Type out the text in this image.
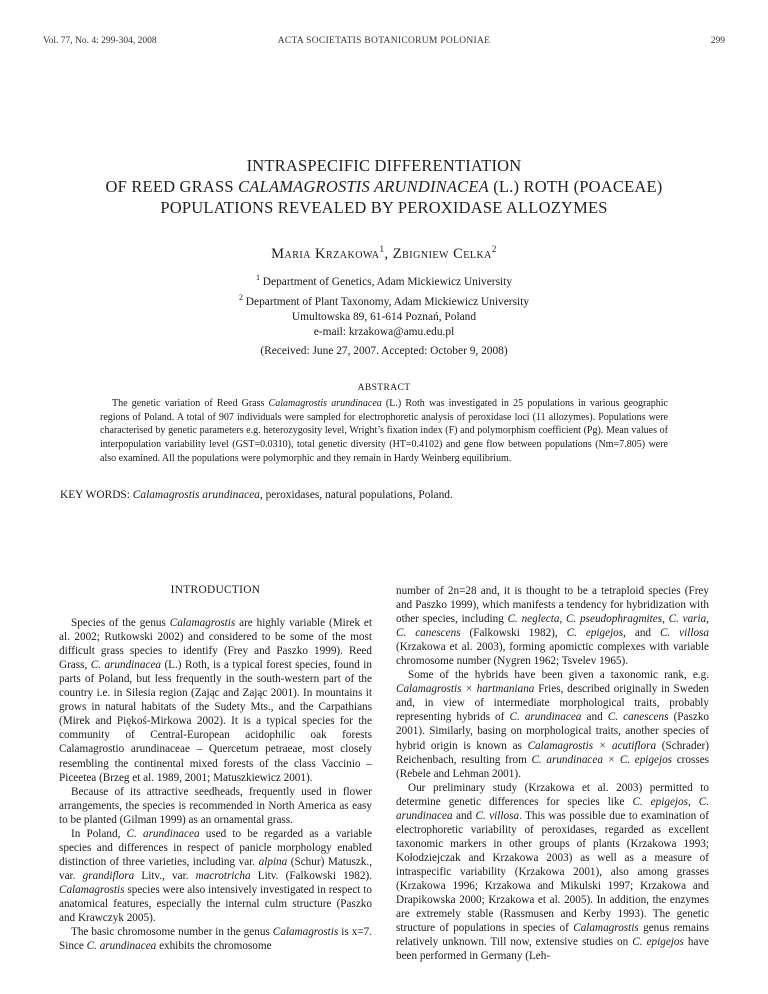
Vol. 77, No. 4: 299-304, 2008	ACTA SOCIETATIS BOTANICORUM POLONIAE	299
INTRASPECIFIC DIFFERENTIATION
OF REED GRASS CALAMAGROSTIS ARUNDINACEA (L.) ROTH (POACEAE)
POPULATIONS REVEALED BY PEROXIDASE ALLOZYMES
Maria Krzakowa$^1$, Zbigniew Celka$^2$
$^1$ Department of Genetics, Adam Mickiewicz University
$^2$ Department of Plant Taxonomy, Adam Mickiewicz University
Umultowska 89, 61-614 Poznań, Poland
e-mail: krzakowa@amu.edu.pl
(Received: June 27, 2007. Accepted: October 9, 2008)
ABSTRACT
The genetic variation of Reed Grass Calamagrostis arundinacea (L.) Roth was investigated in 25 populations in various geographic regions of Poland. A total of 907 individuals were sampled for electrophoretic analysis of peroxidase loci (11 allozymes). Populations were characterised by genetic parameters e.g. heterozygosity level, Wright’s fixation index (F) and polymorphism coefficient (Pg). Mean values of interpopulation variability level (GST=0.0310), total genetic diversity (HT=0.4102) and gene flow between populations (Nm=7.805) were also examined. All the populations were polymorphic and they remain in Hardy Weinberg equilibrium.
KEY WORDS: Calamagrostis arundinacea, peroxidases, natural populations, Poland.
INTRODUCTION

Species of the genus Calamagrostis are highly variable (Mirek et al. 2002; Rutkowski 2002) and considered to be some of the most difficult grass species to identify (Frey and Paszko 1999). Reed Grass, C. arundinacea (L.) Roth, is a typical forest species, found in parts of Poland, but less frequently in the south-western part of the country i.e. in Silesia region (Zając and Zając 2001). In mountains it grows in natural habitats of the Sudety Mts., and the Carpathians (Mirek and Piękoś-Mirkowa 2002). It is a typical species for the community of Central-European acidophilic oak forests Calamagrostio arundinaceae – Quercetum petraeae, most closely resembling the continental mixed forests of the class Vaccinio – Piceetea (Brzeg et al. 1989, 2001; Matuszkiewicz 2001).

Because of its attractive seedheads, frequently used in flower arrangements, the species is recommended in North America as easy to be planted (Gilman 1999) as an ornamental grass.

In Poland, C. arundinacea used to be regarded as a variable species and differences in respect of panicle morphology enabled distinction of three varieties, including var. alpina (Schur) Matuszk., var. grandiflora Litv., var. macrotricha Litv. (Falkowski 1982). Calamagrostis species were also intensively investigated in respect to anatomical features, especially the internal culm structure (Paszko and Krawczyk 2005).

The basic chromosome number in the genus Calamagrostis is x=7. Since C. arundinacea exhibits the chromosome

number of 2n=28 and, it is thought to be a tetraploid species (Frey and Paszko 1999), which manifests a tendency for hybridization with other species, including C. neglecta, C. pseudophragmites, C. varia, C. canescens (Falkowski 1982), C. epigejos, and C. villosa (Krzakowa et al. 2003), forming apomictic complexes with variable chromosome number (Nygren 1962; Tsvelev 1965).

Some of the hybrids have been given a taxonomic rank, e.g. Calamagrostis × hartmaniana Fries, described originally in Sweden and, in view of intermediate morphological traits, probably representing hybrids of C. arundinacea and C. canescens (Paszko 2001). Similarly, basing on morphological traits, another species of hybrid origin is known as Calamagrostis × acutiflora (Schrader) Reichenbach, resulting from C. arundinacea × C. epigejos crosses (Rebele and Lehman 2001).

Our preliminary study (Krzakowa et al. 2003) permitted to determine genetic differences for species like C. epigejos, C. arundinacea and C. villosa. This was possible due to examination of electrophoretic variability of peroxidases, regarded as excellent taxonomic markers in other groups of plants (Krzakowa 1993; Kołodziejczak and Krzakowa 2003) as well as a measure of intraspecific variability (Krzakowa 2001), also among grasses (Krzakowa 1996; Krzakowa and Mikulski 1997; Krzakowa and Drapikowska 2000; Krzakowa et al. 2005). In addition, the enzymes are extremely stable (Rassmusen and Kerby 1993). The genetic structure of populations in species of Calamagrostis genus remains relatively unknown. Till now, extensive studies on C. epigejos have been performed in Germany (Leh-
